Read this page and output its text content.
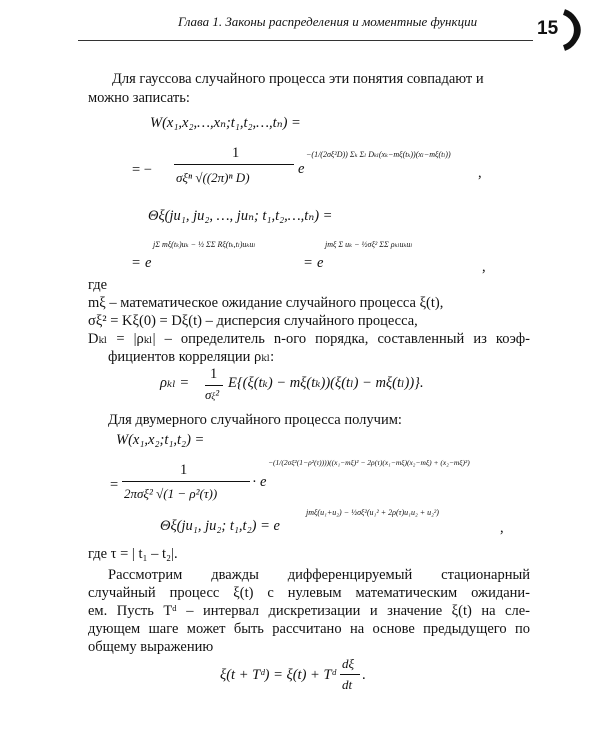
Глава 1. Законы распределения и моментные функции	15
Для гауссова случайного процесса эти понятия совпадают и
можно записать:
W(x₁,x₂,…,xₙ;t₁,t₂,…,tₙ) =
= −
1
σξⁿ √((2π)ⁿ D)
e
−(1/(2σξ²D)) Σₖ Σₗ Dₖₗ(xₖ−mξ(tₖ))(xₗ−mξ(tₗ))
,
Θξ(ju₁, ju₂, …, juₙ; t₁,t₂,…,tₙ) =
= e
jΣ mξ(tₖ)uₖ − ½ ΣΣ Rξ(tₖ,tₗ)uₖuₗ
= e
jmξ Σ uₖ − ½σξ² ΣΣ ρₖₗuₖuₗ
,
где
mξ – математическое ожидание случайного процесса ξ(t),
σξ² = Kξ(0) = Dξ(t) – дисперсия случайного процесса,
Dₖₗ = |ρₖₗ| – определитель n-ого порядка, составленный из коэф-
фициентов корреляции ρₖₗ:
ρₖₗ =
1
σξ²
E{(ξ(tₖ) − mξ(tₖ))(ξ(tₗ) − mξ(tₗ))}.
Для двумерного случайного процесса получим:
W(x₁,x₂;t₁,t₂) =
=
1
2πσξ² √(1 − ρ²(τ))
· e
−(1/(2σξ²(1−ρ²(τ))))((x₁−mξ)² − 2ρ(τ)(x₁−mξ)(x₂−mξ) + (x₂−mξ)²)
Θξ(ju₁, ju₂; t₁,t₂) = e
jmξ(u₁+u₂) − ½σξ²(u₁² + 2ρ(τ)u₁u₂ + u₂²)
,
где τ = | t₁ – t₂|.
Рассмотрим дважды дифференцируемый стационарный
случайный процесс ξ(t) с нулевым математическим ожидани-
ем. Пусть Tᵈ – интервал дискретизации и значение ξ(t) на сле-
дующем шаге может быть рассчитано на основе предыдущего по
общему выражению
ξ(t + Tᵈ) = ξ(t) + Tᵈ
dξ
dt
.
